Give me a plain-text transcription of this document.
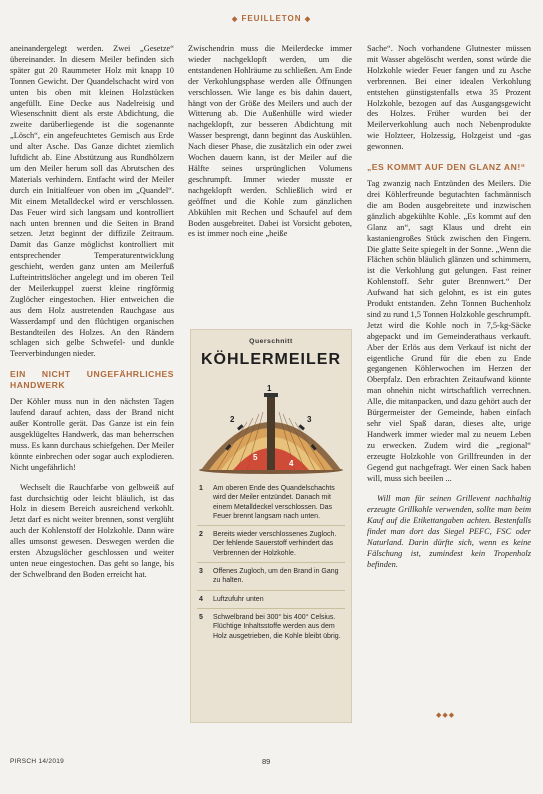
◆ FEUILLETON ◆

aneinandergelegt werden. Zwei „Gesetze“ übereinander. In diesem Meiler befinden sich später gut 20 Raummeter Holz mit knapp 10 Tonnen Gewicht. Der Quandelschacht wird von unten bis oben mit kleinen Holzstücken angefüllt. Eine Decke aus Nadelreisig und Wiesenschnitt dient als erste Abdichtung, die zweite darüberliegende ist die sogenannte „Lösch“, ein angefeuchtetes Gemisch aus Erde und alter Asche. Das Ganze dichtet ziemlich luftdicht ab. Eine Abstützung aus Rundhölzern um den Meiler herum soll das Abrutschen des Materials verhindern. Entfacht wird der Meiler durch ein Initialfeuer von oben im „Quandel“. Mit einem Metalldeckel wird er verschlossen. Das Feuer wird sich langsam und kontrolliert nach unten brennen und die Seiten in Brand setzen. Jetzt beginnt der diffizile Zeitraum. Damit das Ganze möglichst kontrolliert mit entsprechender Temperaturentwicklung geschieht, werden ganz unten am Meilerfuß Lufteintrittslöcher angelegt und im oberen Teil der Meilerkuppel zuerst kleine ringförmig Zuglöcher eingestochen. Hier entweichen die aus dem Holz austretenden Rauchgase aus Wasserdampf und den flüchtigen organischen Bestandteilen des Holzes. An den Rändern schlagen sich gelbe Schwefel- und dunkle Teerverbindungen nieder.

EIN NICHT UNGEFÄHRLICHES HANDWERK

Der Köhler muss nun in den nächsten Tagen laufend darauf achten, dass der Brand nicht außer Kontrolle gerät. Das Ganze ist ein fein ausgeklügeltes Handwerk, das man beherrschen muss. Es kann durchaus schiefgehen. Der Meiler könnte einbrechen oder sogar auch explodieren. Nicht ungefährlich!

Wechselt die Rauchfarbe von gelbweiß auf fast durchsichtig oder leicht bläulich, ist das Holz in diesem Bereich ausreichend verkohlt. Jetzt darf es nicht weiter brennen, sonst verglüht auch der Kohlenstoff der Holzkohle. Dann wäre alles umsonst gewesen. Deswegen werden die ersten Abzugslöcher geschlossen und weiter unten neue eingestochen. Das geht so lange, bis der Schwelbrand den Boden erreicht hat.

Zwischendrin muss die Meilerdecke immer wieder nachgeklopft werden, um die entstandenen Hohlräume zu schließen. Am Ende der Verkohlungsphase werden alle Öffnungen verschlossen. Wie lange es bis dahin dauert, hängt von der Größe des Meilers und auch der Witterung ab. Die Außenhülle wird wieder nachgeklopft, zur besseren Abdichtung mit Wasser besprengt, dann beginnt das Auskühlen. Nach dieser Phase, die zusätzlich ein oder zwei Wochen dauern kann, ist der Meiler auf die Hälfte seines ursprünglichen Volumens geschrumpft. Immer wieder musste er nachgeklopft werden. Schließlich wird er geöffnet und die Kohle zum gänzlichen Abkühlen mit Rechen und Schaufel auf dem Boden ausgebreitet. Dabei ist Vorsicht geboten, es ist immer noch eine „heiße

Querschnitt
KÖHLERMEILER
1
2	3
4
5
1	Am oberen Ende des Quandelschachts wird der Meiler entzündet. Danach mit einem Metalldeckel verschlossen. Das Feuer brennt langsam nach unten.
2	Bereits wieder verschlossenes Zugloch. Der fehlende Sauerstoff verhindert das Verbrennen der Holzkohle.
3	Offenes Zugloch, um den Brand in Gang zu halten.
4	Luftzufuhr unten
5	Schwelbrand bei 300° bis 400° Celsius. Flüchtige Inhaltsstoffe werden aus dem Holz ausgetrieben, die Kohle bleibt übrig.

Sache“. Noch vorhandene Glutnester müssen mit Wasser abgelöscht werden, sonst würde die Holzkohle wieder Feuer fangen und zu Asche verbrennen. Bei einer idealen Verkohlung entstehen günstigstenfalls etwa 35 Prozent Holzkohle, bezogen auf das Ausgangsgewicht des Holzes. Früher wurden bei der Meilerverkohlung auch noch Nebenprodukte wie Holzteer, Holzessig, Holzgeist und -gas gewonnen.

„ES KOMMT AUF DEN GLANZ AN!“

Tag zwanzig nach Entzünden des Meilers. Die drei Köhlerfreunde begutachten fachmännisch die am Boden ausgebreitete und inzwischen gänzlich abgekühlte Kohle. „Es kommt auf den Glanz an“, sagt Klaus und dreht ein kastaniengroßes Stück zwischen den Fingern. Die glatte Seite spiegelt in der Sonne. „Wenn die Flächen schön bläulich glänzen und schimmern, ist die Verkohlung gut gelungen. Fast reiner Kohlenstoff. Sehr guter Brennwert.“ Der Aufwand hat sich gelohnt, es ist ein gutes Produkt entstanden. Zehn Tonnen Buchenholz sind zu rund 1,5 Tonnen Holzkohle geschrumpft. Jetzt wird die Kohle noch in 7,5-kg-Säcke abgepackt und im Gemeinderathaus verkauft. Aber der Erlös aus dem Verkauf ist nicht der eigentliche Grund für die eben zu Ende gegangenen Köhlerwochen im Herzen der Oberpfalz. Den erbrachten Zeitaufwand könnte man ohnehin nicht wirtschaftlich verrechnen. Alle, die mitanpacken, und dazu gehört auch der Bürgermeister der Gemeinde, haben einfach sehr viel Spaß daran, dieses alte, urige Handwerk immer wieder mal zu neuem Leben zu erwecken. Zudem wird die „regional“ erzeugte Holzkohle von Grillfreunden in der Gegend gut nachgefragt. Wer einen Sack haben will, muss sich beeilen ...

Will man für seinen Grillevent nachhaltig erzeugte Grillkohle verwenden, sollte man beim Kauf auf die Etikettangaben achten. Bestenfalls findet man dort das Siegel PEFC, FSC oder Naturland. Darin dürfte sich, wenn es keine Fälschung ist, zumindest kein Tropenholz befinden.

◆◆◆
PIRSCH 14/2019	89
